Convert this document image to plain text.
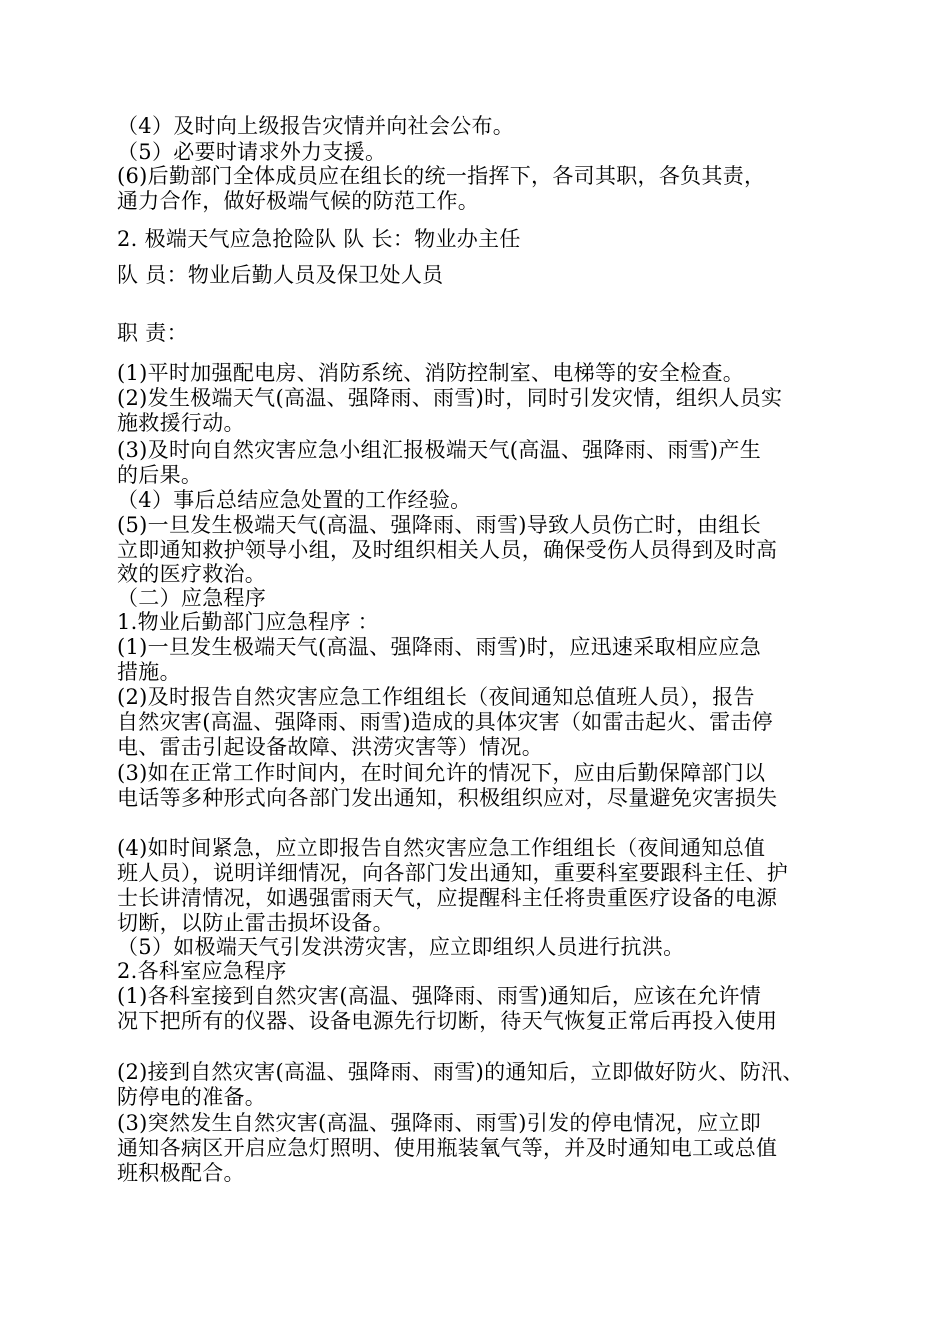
（4）及时向上级报告灾情并向社会公布。
（5）必要时请求外力支援。
(6)后勤部门全体成员应在组长的统一指挥下，各司其职，各负其责，
通力合作，做好极端气候的防范工作。
2. 极端天气应急抢险队 队 长：物业办主任
队 员：物业后勤人员及保卫处人员
职 责：
(1)平时加强配电房、消防系统、消防控制室、电梯等的安全检查。
(2)发生极端天气(高温、强降雨、雨雪)时，同时引发灾情，组织人员实
施救援行动。
(3)及时向自然灾害应急小组汇报极端天气(高温、强降雨、雨雪)产生
的后果。
（4）事后总结应急处置的工作经验。
(5)一旦发生极端天气(高温、强降雨、雨雪)导致人员伤亡时，由组长
立即通知救护领导小组，及时组织相关人员，确保受伤人员得到及时高
效的医疗救治。
（二）应急程序
1.物业后勤部门应急程序 ：
(1)一旦发生极端天气(高温、强降雨、雨雪)时，应迅速采取相应应急
措施。
(2)及时报告自然灾害应急工作组组长（夜间通知总值班人员），报告
自然灾害(高温、强降雨、雨雪)造成的具体灾害（如雷击起火、雷击停
电、雷击引起设备故障、洪涝灾害等）情况。
(3)如在正常工作时间内，在时间允许的情况下，应由后勤保障部门以
电话等多种形式向各部门发出通知，积极组织应对，尽量避免灾害损失
(4)如时间紧急，应立即报告自然灾害应急工作组组长（夜间通知总值
班人员），说明详细情况，向各部门发出通知，重要科室要跟科主任、护
士长讲清情况，如遇强雷雨天气，应提醒科主任将贵重医疗设备的电源
切断，以防止雷击损坏设备。
（5）如极端天气引发洪涝灾害，应立即组织人员进行抗洪。
2.各科室应急程序
(1)各科室接到自然灾害(高温、强降雨、雨雪)通知后，应该在允许情
况下把所有的仪器、设备电源先行切断，待天气恢复正常后再投入使用
(2)接到自然灾害(高温、强降雨、雨雪)的通知后，立即做好防火、防汛、
防停电的准备。
(3)突然发生自然灾害(高温、强降雨、雨雪)引发的停电情况，应立即
通知各病区开启应急灯照明、使用瓶装氧气等，并及时通知电工或总值
班积极配合。
